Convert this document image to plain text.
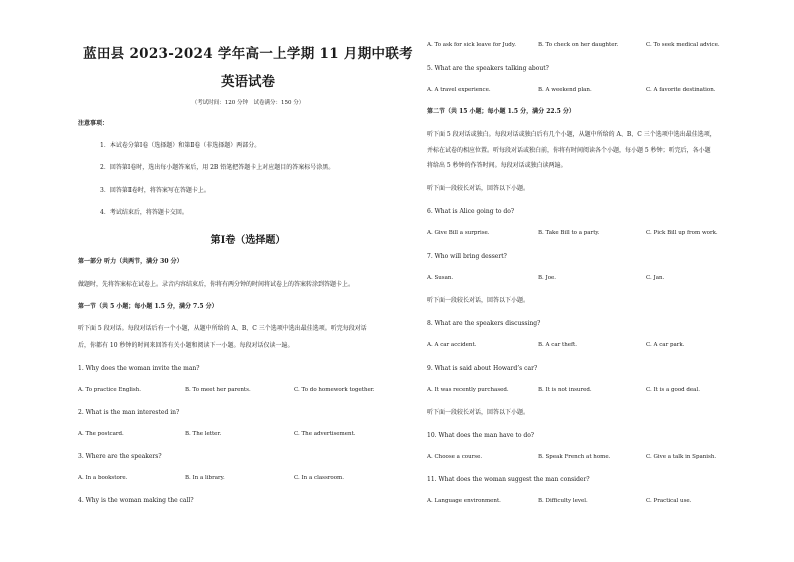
蓝田县 2023-2024 学年高一上学期 11 月期中联考
英语试卷
（考试时间：120 分钟　试卷满分：150 分）
注意事项：
1．本试卷分第Ⅰ卷（选择题）和第Ⅱ卷（非选择题）两部分。
2．回答第Ⅰ卷时，选出每小题答案后，用 2B 铅笔把答题卡上对应题目的答案标号涂黑。
3．回答第Ⅱ卷时，将答案写在答题卡上。
4．考试结束后，将答题卡交回。
第Ⅰ卷（选择题）
第一部分 听力（共两节，满分 30 分）
做题时，先将答案标在试卷上。录音内容结束后，你将有两分钟的时间将试卷上的答案转涂到答题卡上。
第一节（共 5 小题；每小题 1.5 分，满分 7.5 分）
听下面 5 段对话。每段对话后有一个小题，从题中所给的 A、B、C 三个选项中选出最佳选项。听完每段对话
后，你都有 10 秒钟的时间来回答有关小题和阅读下一小题。每段对话仅读一遍。
1. Why does the woman invite the man?
A. To practice English.	B. To meet her parents.	C. To do homework together.
2. What is the man interested in?
A. The postcard.	B. The letter.	C. The advertisement.
3. Where are the speakers?
A. In a bookstore.	B. In a library.	C. In a classroom.
4. Why is the woman making the call?
A. To ask for sick leave for Judy.	B. To check on her daughter.	C. To seek medical advice.
5. What are the speakers talking about?
A. A travel experience.	B. A weekend plan.	C. A favorite destination.
第二节（共 15 小题；每小题 1.5 分，满分 22.5 分）
听下面 5 段对话或独白。每段对话或独白后有几个小题，从题中所给的 A、B、C 三个选项中选出最佳选项，
并标在试卷的相应位置。听每段对话或独白前，你将有时间阅读各个小题，每小题 5 秒钟；听完后，各小题
将给出 5 秒钟的作答时间。每段对话或独白读两遍。
听下面一段较长对话，回答以下小题。
6. What is Alice going to do?
A. Give Bill a surprise.	B. Take Bill to a party.	C. Pick Bill up from work.
7. Who will bring dessert?
A. Susan.	B. Joe.	C. Jan.
听下面一段较长对话，回答以下小题。
8. What are the speakers discussing?
A. A car accident.	B. A car theft.	C. A car park.
9. What is said about Howard’s car?
A. It was recently purchased.	B. It is not insured.	C. It is a good deal.
听下面一段较长对话，回答以下小题。
10. What does the man have to do?
A. Choose a course.	B. Speak French at home.	C. Give a talk in Spanish.
11. What does the woman suggest the man consider?
A. Language environment.	B. Difficulty level.	C. Practical use.
